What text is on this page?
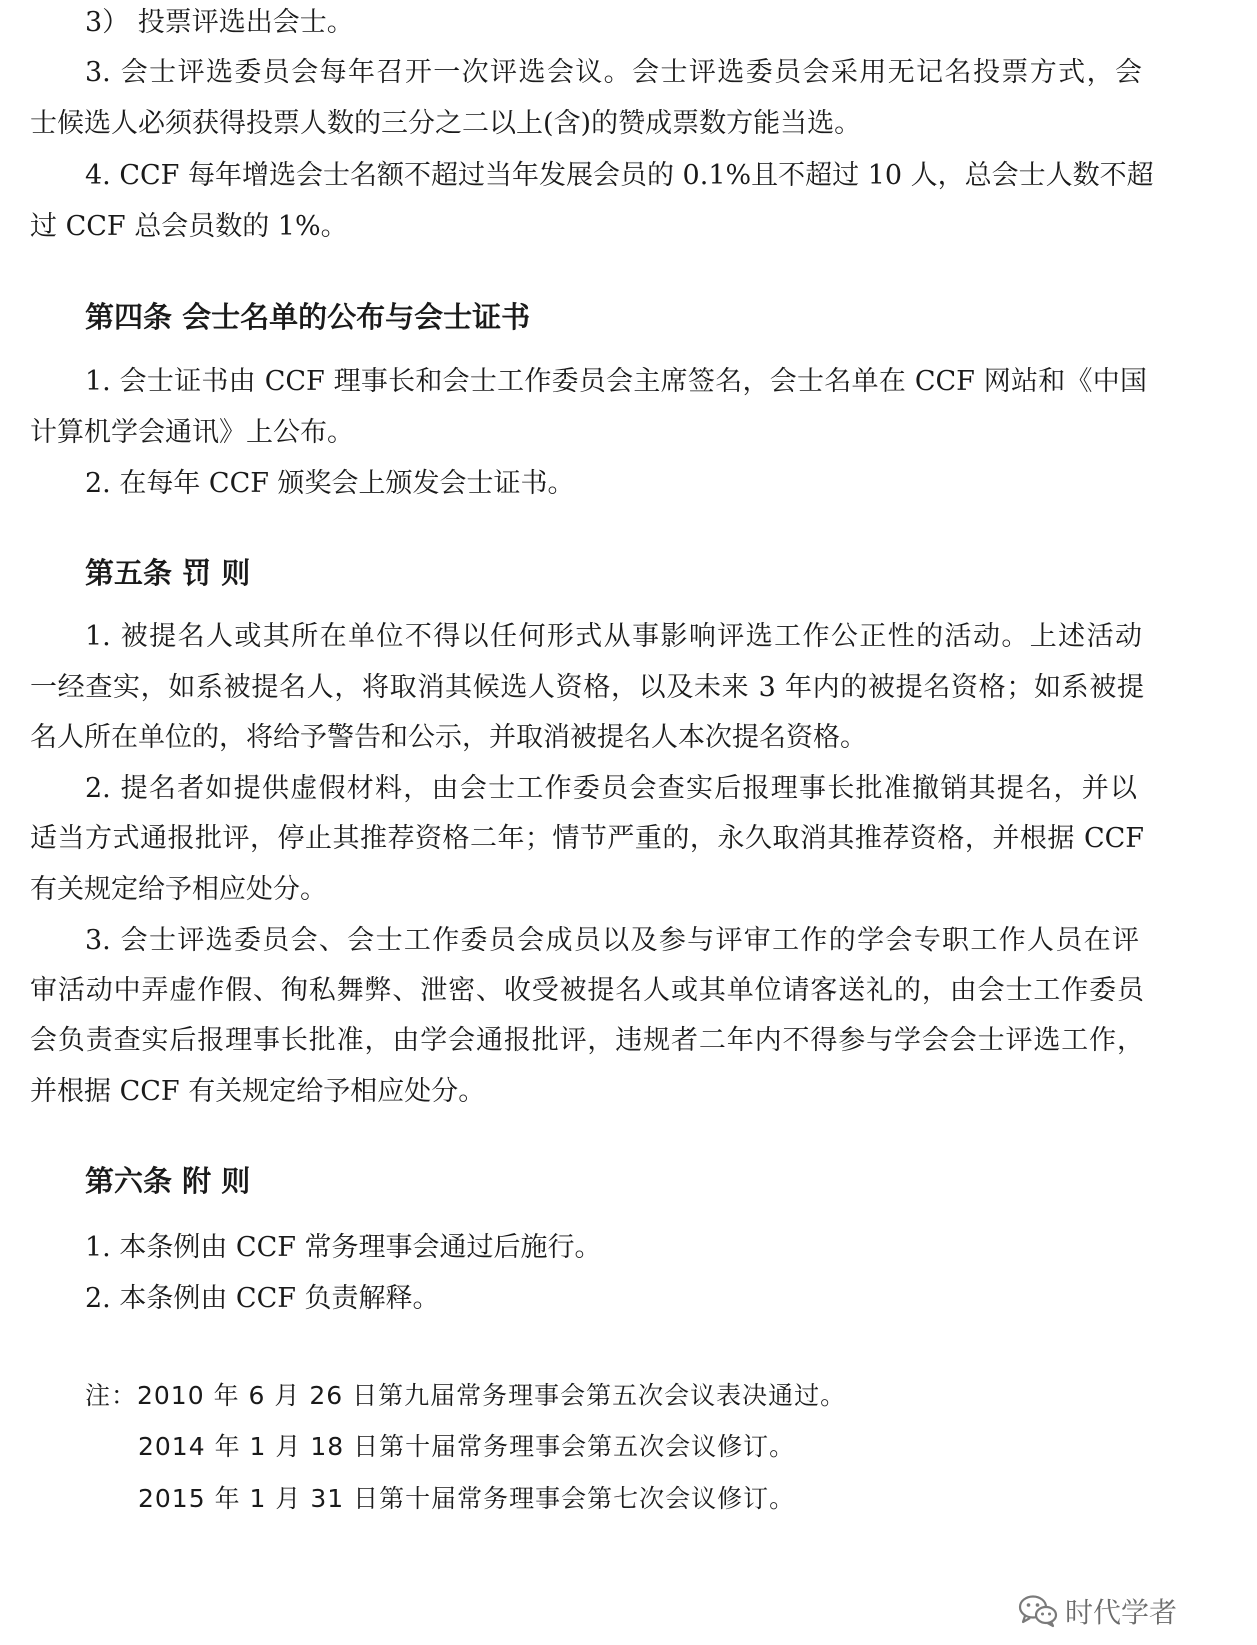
3） 投票评选出会士。
3. 会士评选委员会每年召开一次评选会议。会士评选委员会采用无记名投票方式，会
士候选人必须获得投票人数的三分之二以上(含)的赞成票数方能当选。
4. CCF 每年增选会士名额不超过当年发展会员的 0.1%且不超过 10 人，总会士人数不超
过 CCF 总会员数的 1%。
第四条 会士名单的公布与会士证书
1. 会士证书由 CCF 理事长和会士工作委员会主席签名，会士名单在 CCF 网站和《中国
计算机学会通讯》上公布。
2. 在每年 CCF 颁奖会上颁发会士证书。
第五条 罚 则
1. 被提名人或其所在单位不得以任何形式从事影响评选工作公正性的活动。上述活动
一经查实，如系被提名人，将取消其候选人资格，以及未来 3 年内的被提名资格；如系被提
名人所在单位的，将给予警告和公示，并取消被提名人本次提名资格。
2. 提名者如提供虚假材料，由会士工作委员会查实后报理事长批准撤销其提名，并以
适当方式通报批评，停止其推荐资格二年；情节严重的，永久取消其推荐资格，并根据 CCF
有关规定给予相应处分。
3. 会士评选委员会、会士工作委员会成员以及参与评审工作的学会专职工作人员在评
审活动中弄虚作假、徇私舞弊、泄密、收受被提名人或其单位请客送礼的，由会士工作委员
会负责查实后报理事长批准，由学会通报批评，违规者二年内不得参与学会会士评选工作，
并根据 CCF 有关规定给予相应处分。
第六条 附 则
1. 本条例由 CCF 常务理事会通过后施行。
2. 本条例由 CCF 负责解释。
注：2010 年 6 月 26 日第九届常务理事会第五次会议表决通过。
2014 年 1 月 18 日第十届常务理事会第五次会议修订。
2015 年 1 月 31 日第十届常务理事会第七次会议修订。
时代学者
